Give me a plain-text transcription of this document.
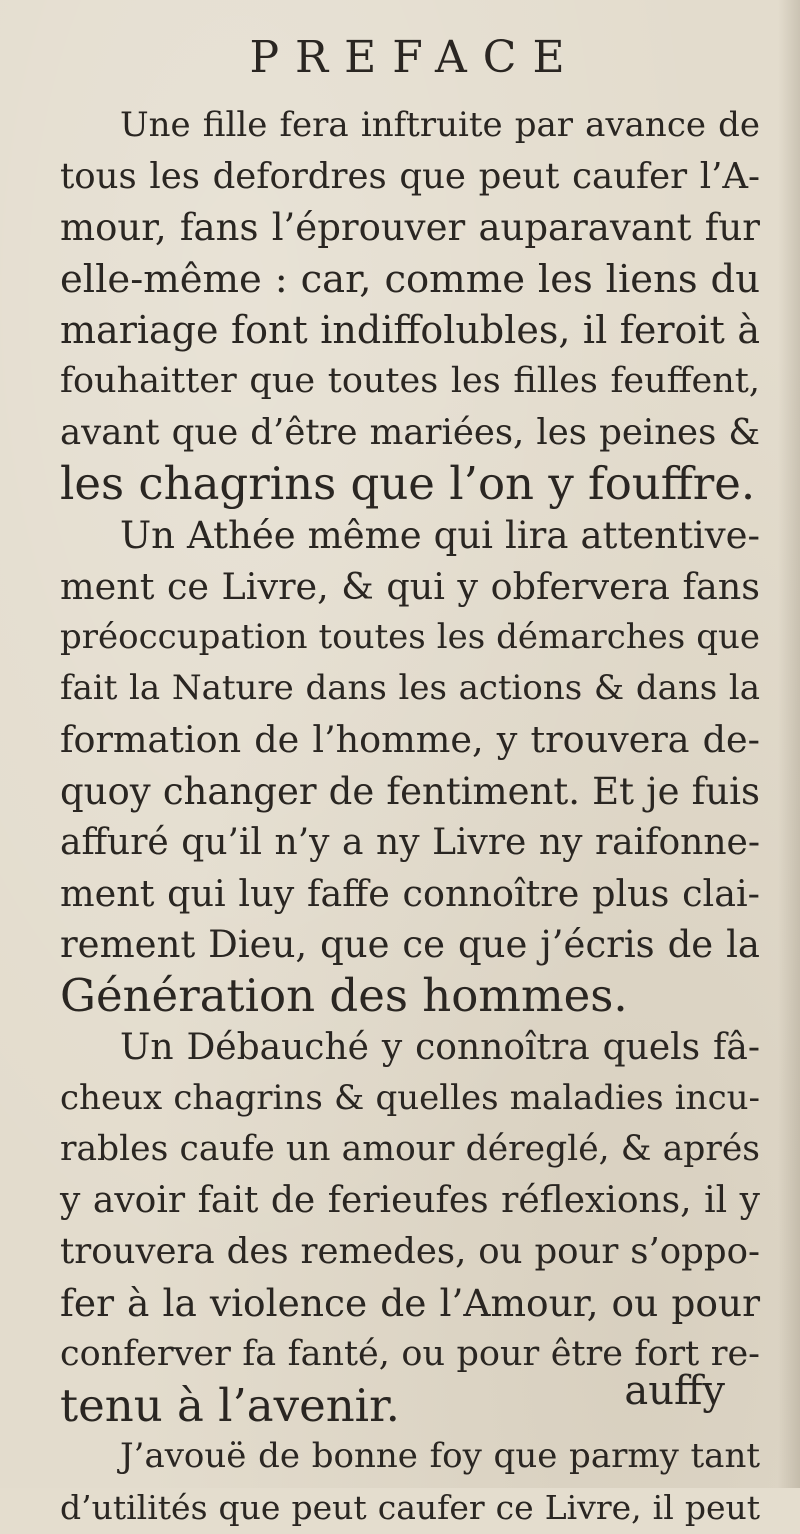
PREFACE
Une fille fera inftruite par avance de
tous les defordres que peut caufer l’A-
mour, fans l’éprouver auparavant fur
elle-même : car, comme les liens du
mariage font indiffolubles, il feroit à
fouhaitter que toutes les filles feuffent,
avant que d’être mariées, les peines &
les chagrins que l’on y fouffre.
Un Athée même qui lira attentive-
ment ce Livre, & qui y obfervera fans
préoccupation toutes les démarches que
fait la Nature dans les actions & dans la
formation de l’homme, y trouvera de-
quoy changer de fentiment. Et je fuis
affuré qu’il n’y a ny Livre ny raifonne-
ment qui luy faffe connoître plus clai-
rement Dieu, que ce que j’écris de la
Génération des hommes.
Un Débauché y connoîtra quels fâ-
cheux chagrins & quelles maladies incu-
rables caufe un amour déreglé, & aprés
y avoir fait de ferieufes réflexions, il y
trouvera des remedes, ou pour s’oppo-
fer à la violence de l’Amour, ou pour
conferver fa fanté, ou pour être fort re-
tenu à l’avenir.
J’avouë de bonne foy que parmy tant
d’utilités que peut caufer ce Livre, il peut
auffy
